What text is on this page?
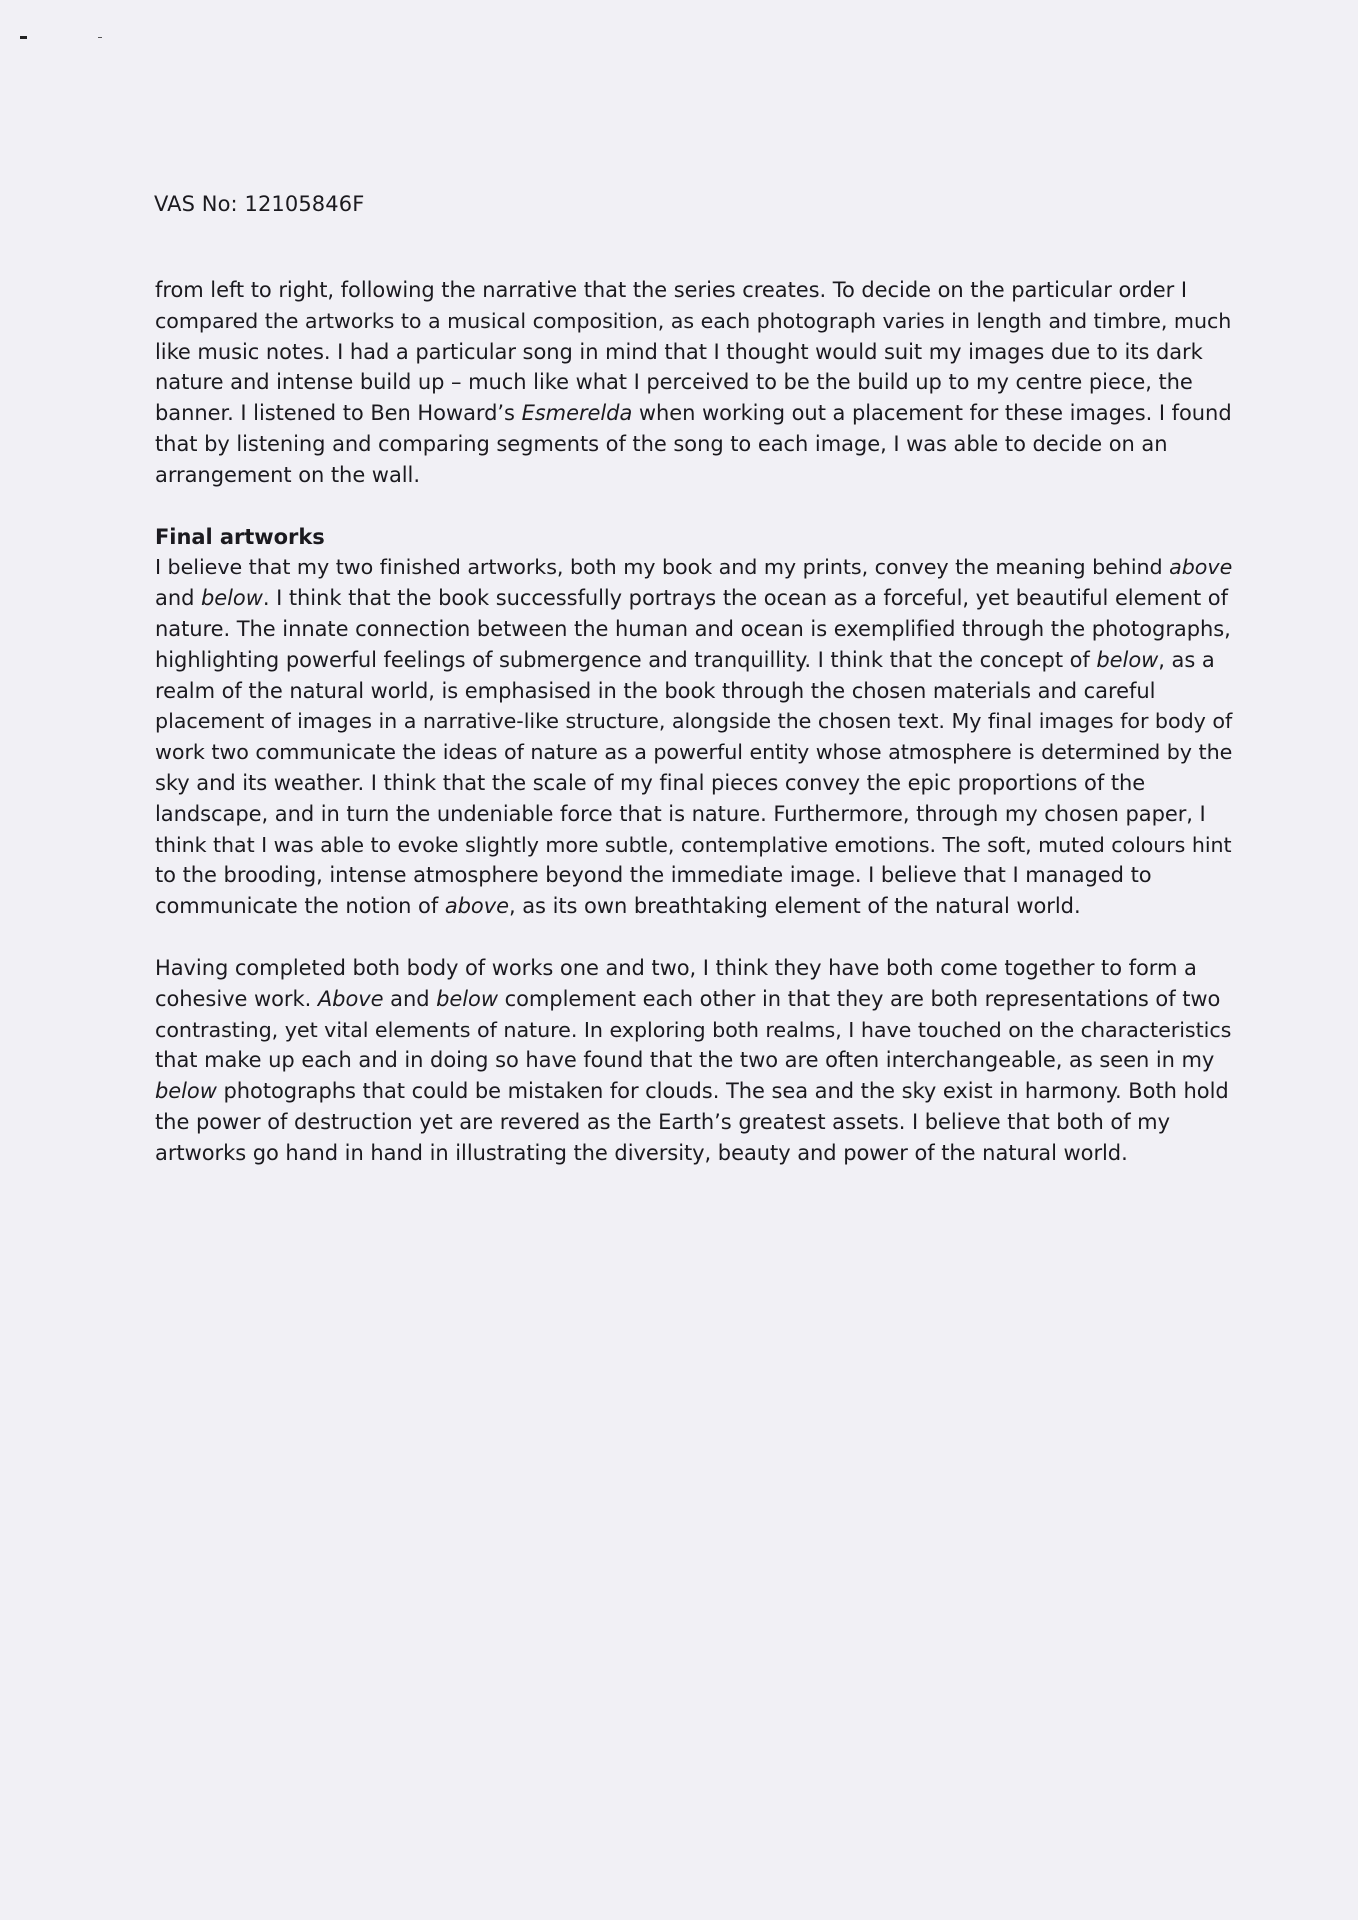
VAS No: 12105846F
from left to right, following the narrative that the series creates. To decide on the particular order I
compared the artworks to a musical composition, as each photograph varies in length and timbre, much
like music notes. I had a particular song in mind that I thought would suit my images due to its dark
nature and intense build up – much like what I perceived to be the build up to my centre piece, the
banner. I listened to Ben Howard’s Esmerelda when working out a placement for these images. I found
that by listening and comparing segments of the song to each image, I was able to decide on an
arrangement on the wall.
Final artworks
I believe that my two finished artworks, both my book and my prints, convey the meaning behind above
and below. I think that the book successfully portrays the ocean as a forceful, yet beautiful element of
nature. The innate connection between the human and ocean is exemplified through the photographs,
highlighting powerful feelings of submergence and tranquillity. I think that the concept of below, as a
realm of the natural world, is emphasised in the book through the chosen materials and careful
placement of images in a narrative-like structure, alongside the chosen text. My final images for body of
work two communicate the ideas of nature as a powerful entity whose atmosphere is determined by the
sky and its weather. I think that the scale of my final pieces convey the epic proportions of the
landscape, and in turn the undeniable force that is nature. Furthermore, through my chosen paper, I
think that I was able to evoke slightly more subtle, contemplative emotions. The soft, muted colours hint
to the brooding, intense atmosphere beyond the immediate image. I believe that I managed to
communicate the notion of above, as its own breathtaking element of the natural world.
Having completed both body of works one and two, I think they have both come together to form a
cohesive work. Above and below complement each other in that they are both representations of two
contrasting, yet vital elements of nature. In exploring both realms, I have touched on the characteristics
that make up each and in doing so have found that the two are often interchangeable, as seen in my
below photographs that could be mistaken for clouds. The sea and the sky exist in harmony. Both hold
the power of destruction yet are revered as the Earth’s greatest assets. I believe that both of my
artworks go hand in hand in illustrating the diversity, beauty and power of the natural world.
